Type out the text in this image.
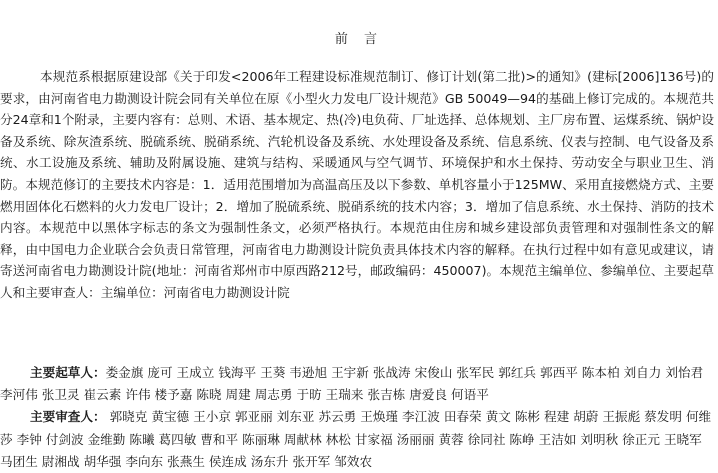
前 言

本规范系根据原建设部《关于印发<2006年工程建设标准规范制订、修订计划(第二批)>的通知》(建标[2006]136号)的要求，由河南省电力勘测设计院会同有关单位在原《小型火力发电厂设计规范》GB 50049—94的基础上修订完成的。本规范共分24章和1个附录，主要内容有：总则、术语、基本规定、热(冷)电负荷、厂址选择、总体规划、主厂房布置、运煤系统、锅炉设备及系统、除灰渣系统、脱硫系统、脱硝系统、汽轮机设备及系统、水处理设备及系统、信息系统、仪表与控制、电气设备及系统、水工设施及系统、辅助及附属设施、建筑与结构、采暖通风与空气调节、环境保护和水土保持、劳动安全与职业卫生、消防。本规范修订的主要技术内容是：1．适用范围增加为高温高压及以下参数、单机容量小于125MW、采用直接燃烧方式、主要燃用固体化石燃料的火力发电厂设计；2．增加了脱硫系统、脱硝系统的技术内容；3．增加了信息系统、水土保持、消防的技术内容。本规范中以黑体字标志的条文为强制性条文，必须严格执行。本规范由住房和城乡建设部负责管理和对强制性条文的解释，由中国电力企业联合会负责日常管理，河南省电力勘测设计院负责具体技术内容的解释。在执行过程中如有意见或建议，请寄送河南省电力勘测设计院(地址：河南省郑州市中原西路212号，邮政编码：450007)。本规范主编单位、参编单位、主要起草人和主要审查人：主编单位：河南省电力勘测设计院

主要起草人：娄金旗 庞可 王成立 钱海平 王葵 韦逊旭 王宇新 张战涛 宋俊山 张军民 郭红兵 郭西平 陈本柏 刘自力 刘怡君 李河伟 张卫灵 崔云素 许伟 楼予嘉 陈晓 周建 周志勇 于昉 王瑞来 张吉栋 唐爱良 何语平
主要审查人： 郭晓克 黄宝德 王小京 郭亚丽 刘东亚 苏云勇 王焕瑾 李江波 田春荣 黄文 陈彬 程建 胡蔚 王振彪 蔡发明 何维莎 李钟 付剑波 金维勤 陈曦 葛四敏 曹和平 陈丽琳 周献林 林松 甘家福 汤丽丽 黄蓉 徐同社 陈峥 王洁如 刘明秋 徐正元 王晓军 马团生 尉湘战 胡华强 李向东 张燕生 侯连成 汤东升 张开军 邹效农
